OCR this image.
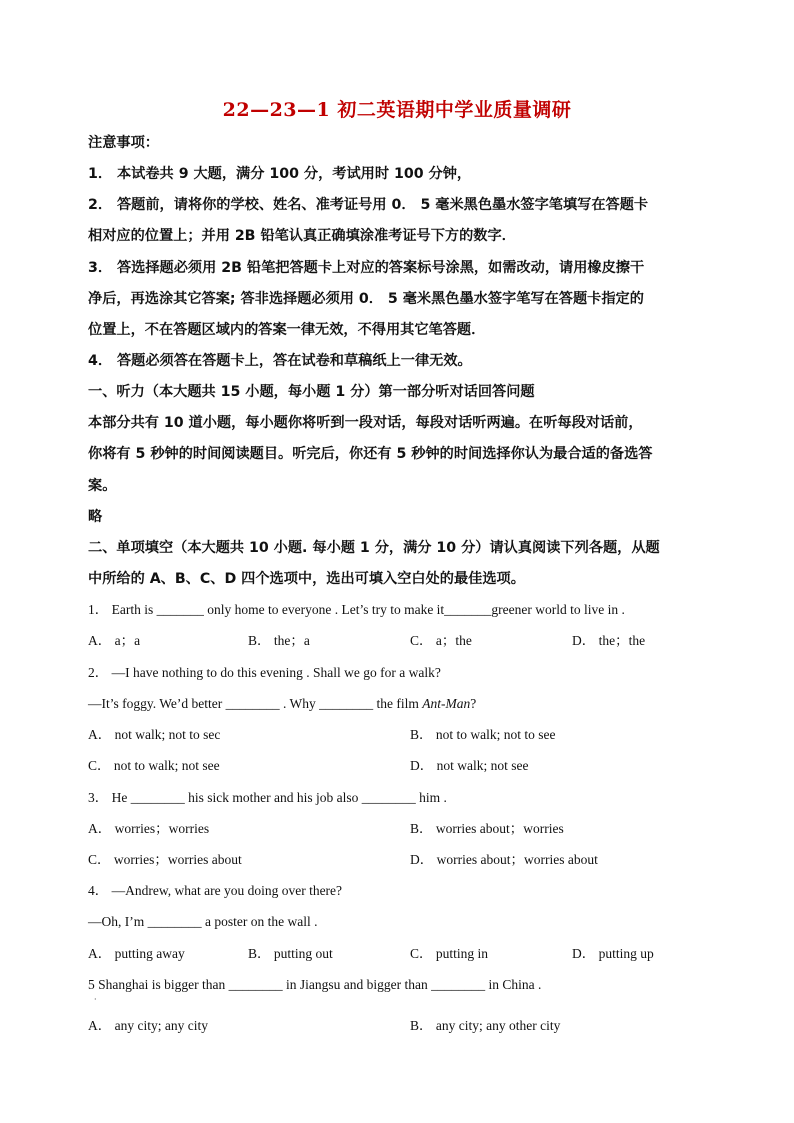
22—23—1 初二英语期中学业质量调研
注意事项：
1． 本试卷共 9 大题，满分 100 分，考试用时 100 分钟，
2． 答题前，请将你的学校、姓名、准考证号用 0． 5 毫米黑色墨水签字笔填写在答题卡
相对应的位置上；并用 2B 铅笔认真正确填涂准考证号下方的数字．
3． 答选择题必须用 2B 铅笔把答题卡上对应的答案标号涂黑，如需改动，请用橡皮擦干
净后，再选涂其它答案; 答非选择题必须用 0． 5 毫米黑色墨水签字笔写在答题卡指定的
位置上，不在答题区域内的答案一律无效，不得用其它笔答题．
4． 答题必须答在答题卡上，答在试卷和草稿纸上一律无效。
一、听力（本大题共 15 小题，每小题 1 分）第一部分听对话回答问题
本部分共有 10 道小题，每小题你将听到一段对话，每段对话听两遍。在听每段对话前，
你将有 5 秒钟的时间阅读题目。听完后，你还有 5 秒钟的时间选择你认为最合适的备选答
案。
略
二、单项填空（本大题共 10 小题. 每小题 1 分，满分 10 分）请认真阅读下列各题，从题
中所给的 A、B、C、D 四个选项中，选出可填入空白处的最佳选项。
1． Earth is _______ only home to everyone . Let’s try to make it_______greener world to live in .
A． a；a	B． the；a	C． a；the	D． the；the
2． —I have nothing to do this evening . Shall we go for a walk?
—It’s foggy. We’d better ________ . Why ________ the film Ant-Man?
A． not walk; not to sec	B． not to walk; not to see
C． not to walk; not see	D． not walk; not see
3． He ________ his sick mother and his job also ________ him .
A． worries；worries	B． worries about；worries
C． worries；worries about	D． worries about；worries about
4． —Andrew, what are you doing over there?
—Oh, I’m ________ a poster on the wall .
A． putting away	B． putting out	C． putting in	D． putting up
5 Shanghai is bigger than ________ in Jiangsu and bigger than ________ in China .
·
A． any city; any city	B． any city; any other city
